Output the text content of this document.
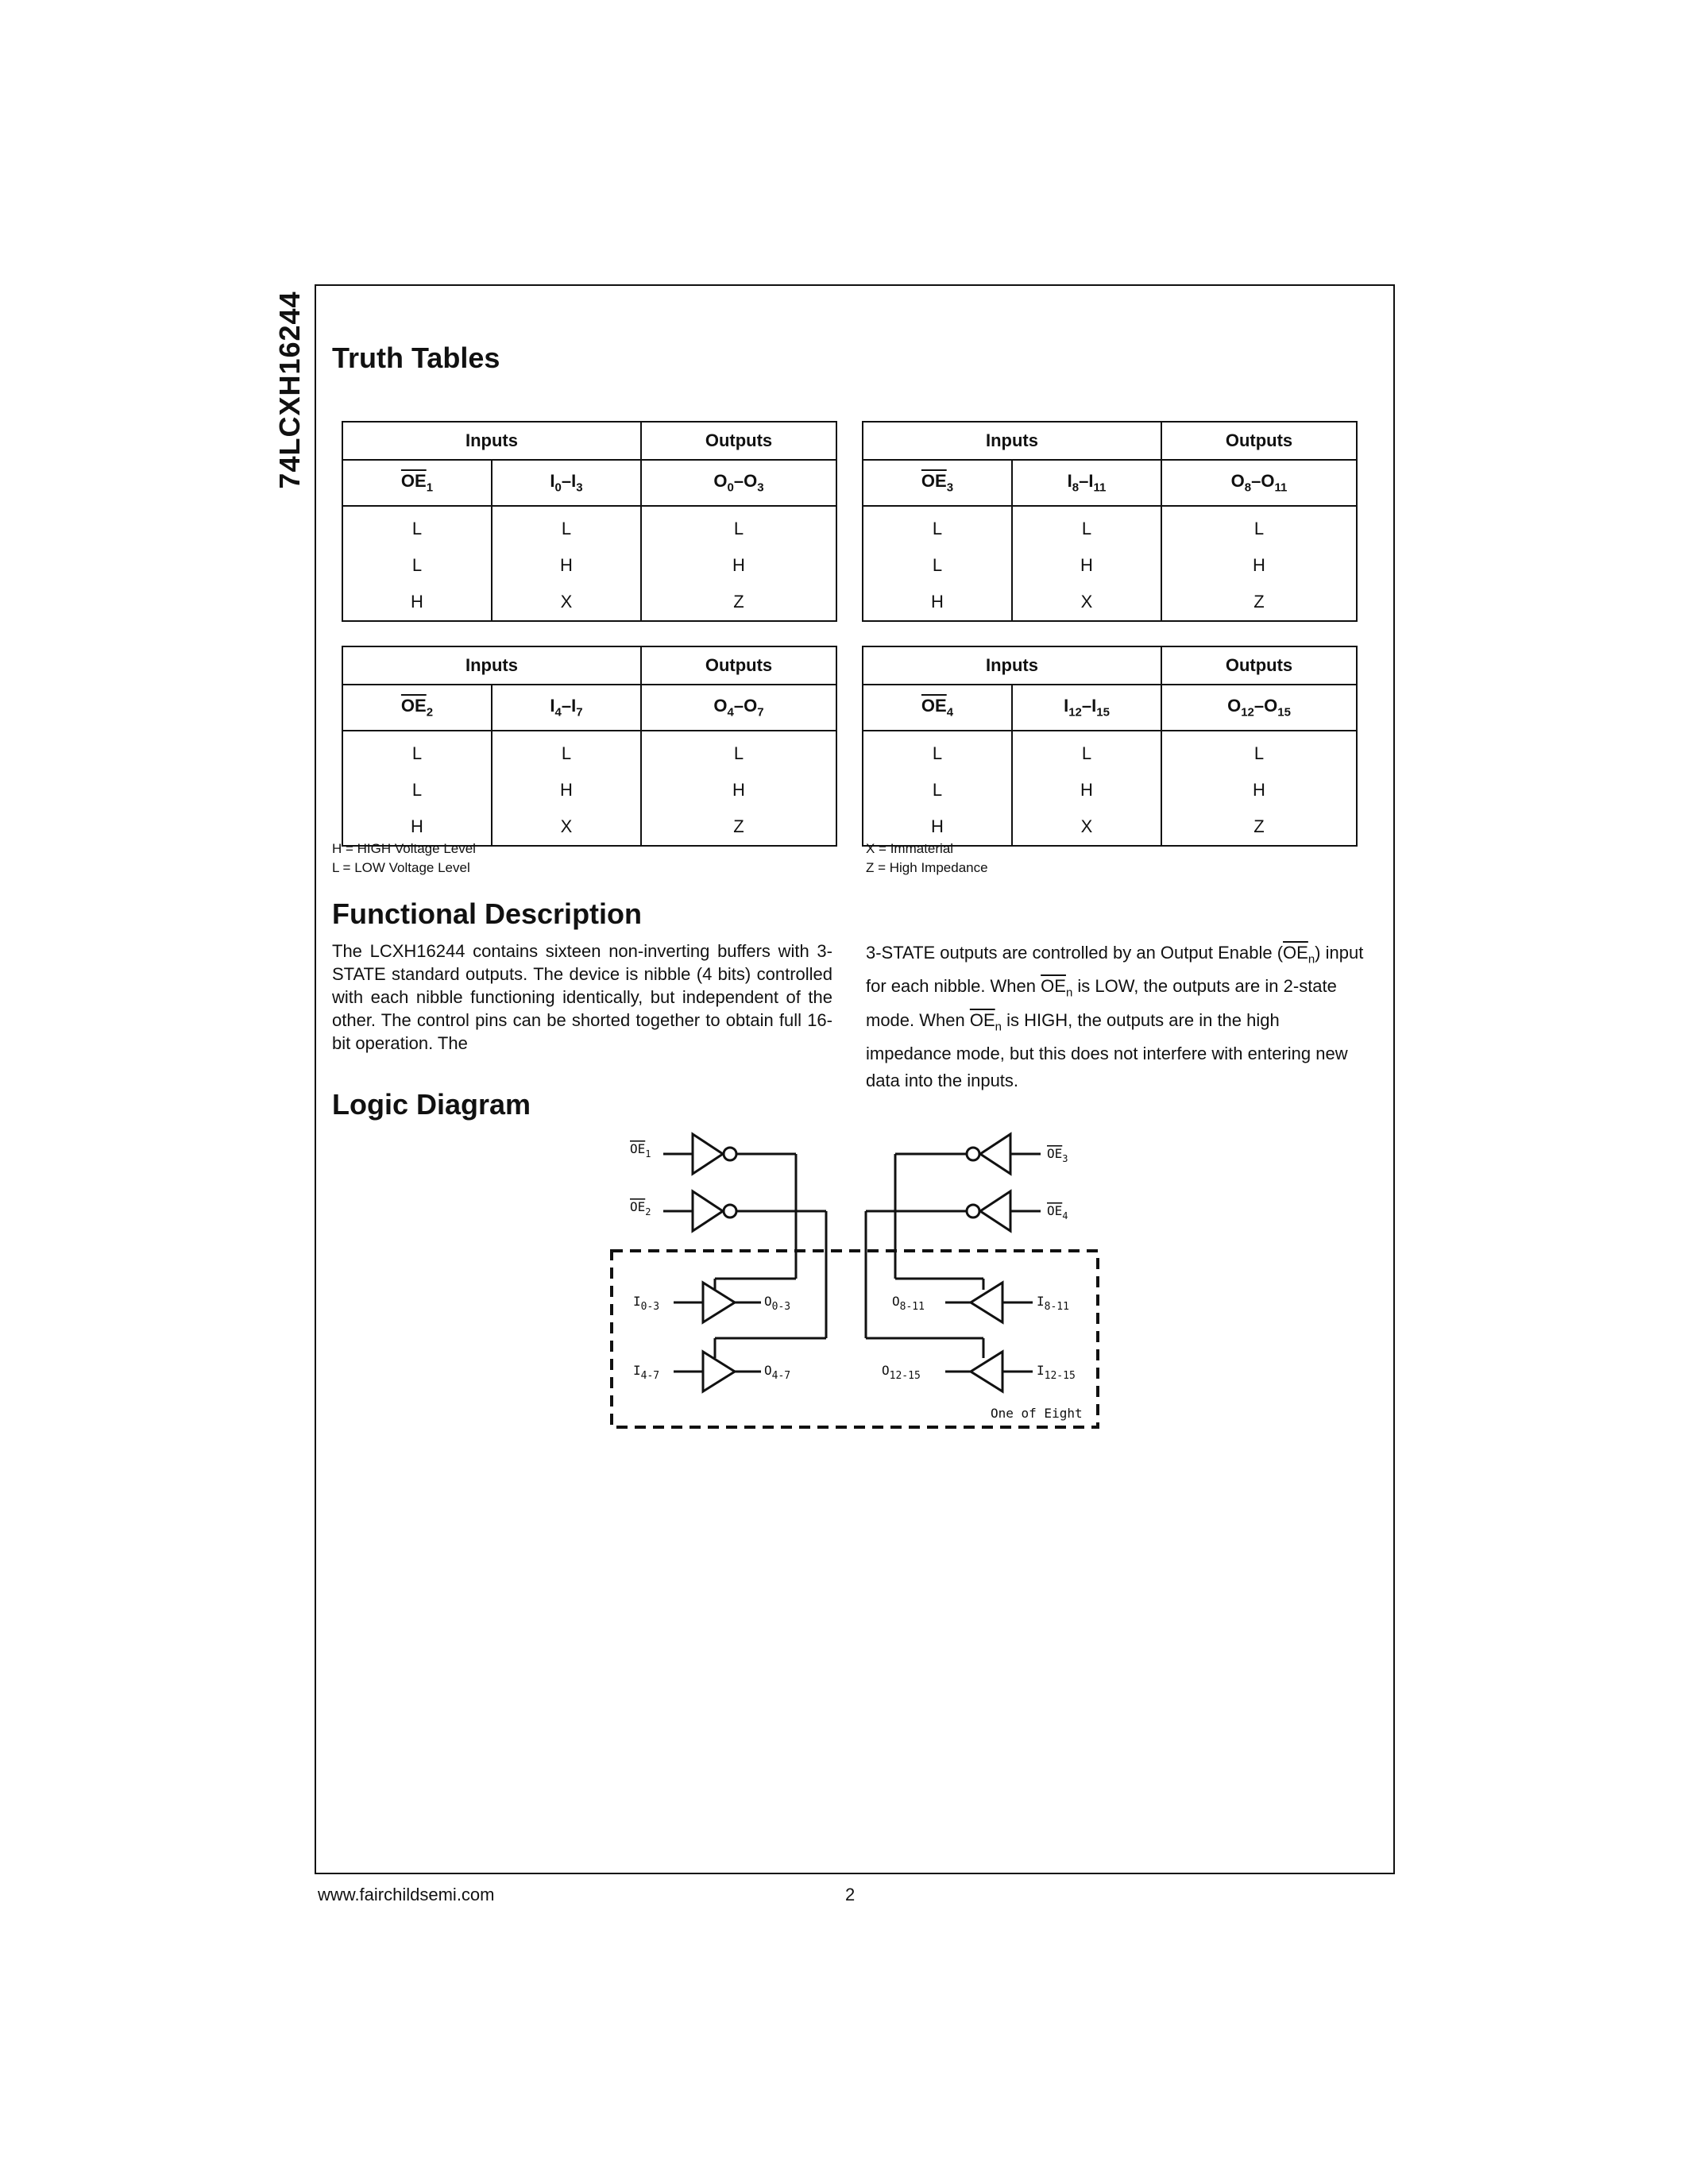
74LCXH16244 Truth Tables
Inputs		Outputs
$\overline{OE}_1$	$I_0-I_3$	$O_0-O_3$
L	L	L
L	H	H
H	X	Z
Inputs		Outputs
$\overline{OE}_3$	$I_8-I_{11}$	$O_8-O_{11}$
L	L	L
L	H	H
H	X	Z
Inputs		Outputs
$\overline{OE}_2$	$I_4-I_7$	$O_4-O_7$
L	L	L
L	H	H
H	X	Z
Inputs		Outputs
$\overline{OE}_4$	$I_{12}-I_{15}$	$O_{12}-O_{15}$
L	L	L
L	H	H
H	X	Z
H = HIGH Voltage Level
L = LOW Voltage Level
X = Immaterial
Z = High Impedance
Functional Description
The LCXH16244 contains sixteen non-inverting buffers with 3-STATE standard outputs. The device is nibble (4 bits) controlled with each nibble functioning identically, but independent of the other. The control pins can be shorted together to obtain full 16-bit operation. The
3-STATE outputs are controlled by an Output Enable $(\overline{OE}_n)$ input for each nibble. When $\overline{OE}_n$ is LOW, the outputs are in 2-state mode. When $\overline{OE}_n$ is HIGH, the outputs are in the high impedance mode, but this does not interfere with entering new data into the inputs.
Logic Diagram
$OE_1$
$OE_2$
$OE_3$
$OE_4$
$I_{0-3}$	$O_{0-3}$
$I_{4-7}$	$O_{4-7}$
$O_{8-11}$	$I_{8-11}$
$O_{12-15}$	$I_{12-15}$
One of Eight
www.fairchildsemi.com	2
